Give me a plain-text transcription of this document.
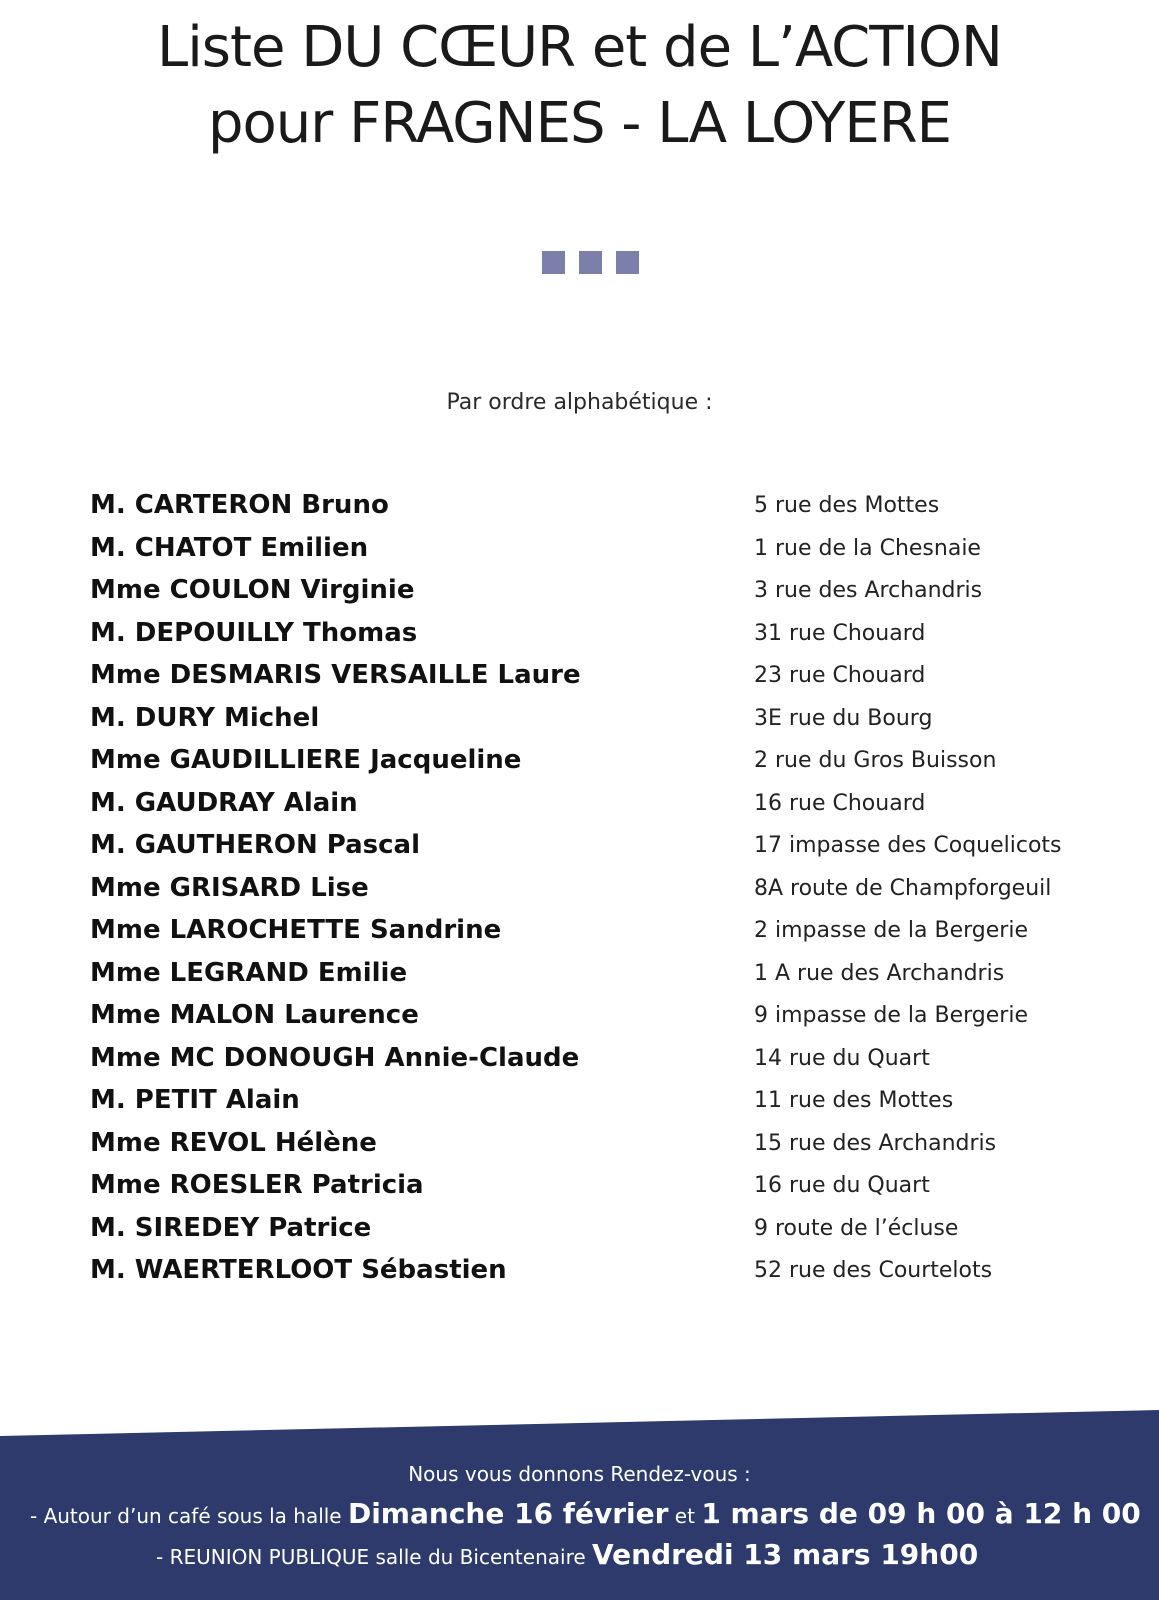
Liste DU CŒUR et de L’ACTION
pour FRAGNES - LA LOYERE
Par ordre alphabétique :
M. CARTERON Bruno	5 rue des Mottes
M. CHATOT Emilien	1 rue de la Chesnaie
Mme COULON Virginie	3 rue des Archandris
M. DEPOUILLY Thomas	31 rue Chouard
Mme DESMARIS VERSAILLE Laure	23 rue Chouard
M. DURY Michel	3E rue du Bourg
Mme GAUDILLIERE Jacqueline	2 rue du Gros Buisson
M. GAUDRAY Alain	16 rue Chouard
M. GAUTHERON Pascal	17 impasse des Coquelicots
Mme GRISARD Lise	8A route de Champforgeuil
Mme LAROCHETTE Sandrine	2 impasse de la Bergerie
Mme LEGRAND Emilie	1 A rue des Archandris
Mme MALON Laurence	9 impasse de la Bergerie
Mme MC DONOUGH Annie-Claude	14 rue du Quart
M. PETIT Alain	11 rue des Mottes
Mme REVOL Hélène	15 rue des Archandris
Mme ROESLER Patricia	16 rue du Quart
M. SIREDEY Patrice	9 route de l’écluse
M. WAERTERLOOT Sébastien	52 rue des Courtelots
Nous vous donnons Rendez-vous :
- Autour d’un café sous la halle Dimanche 16 février et 1 mars de 09 h 00 à 12 h 00
- REUNION PUBLIQUE salle du Bicentenaire Vendredi 13 mars 19h00
